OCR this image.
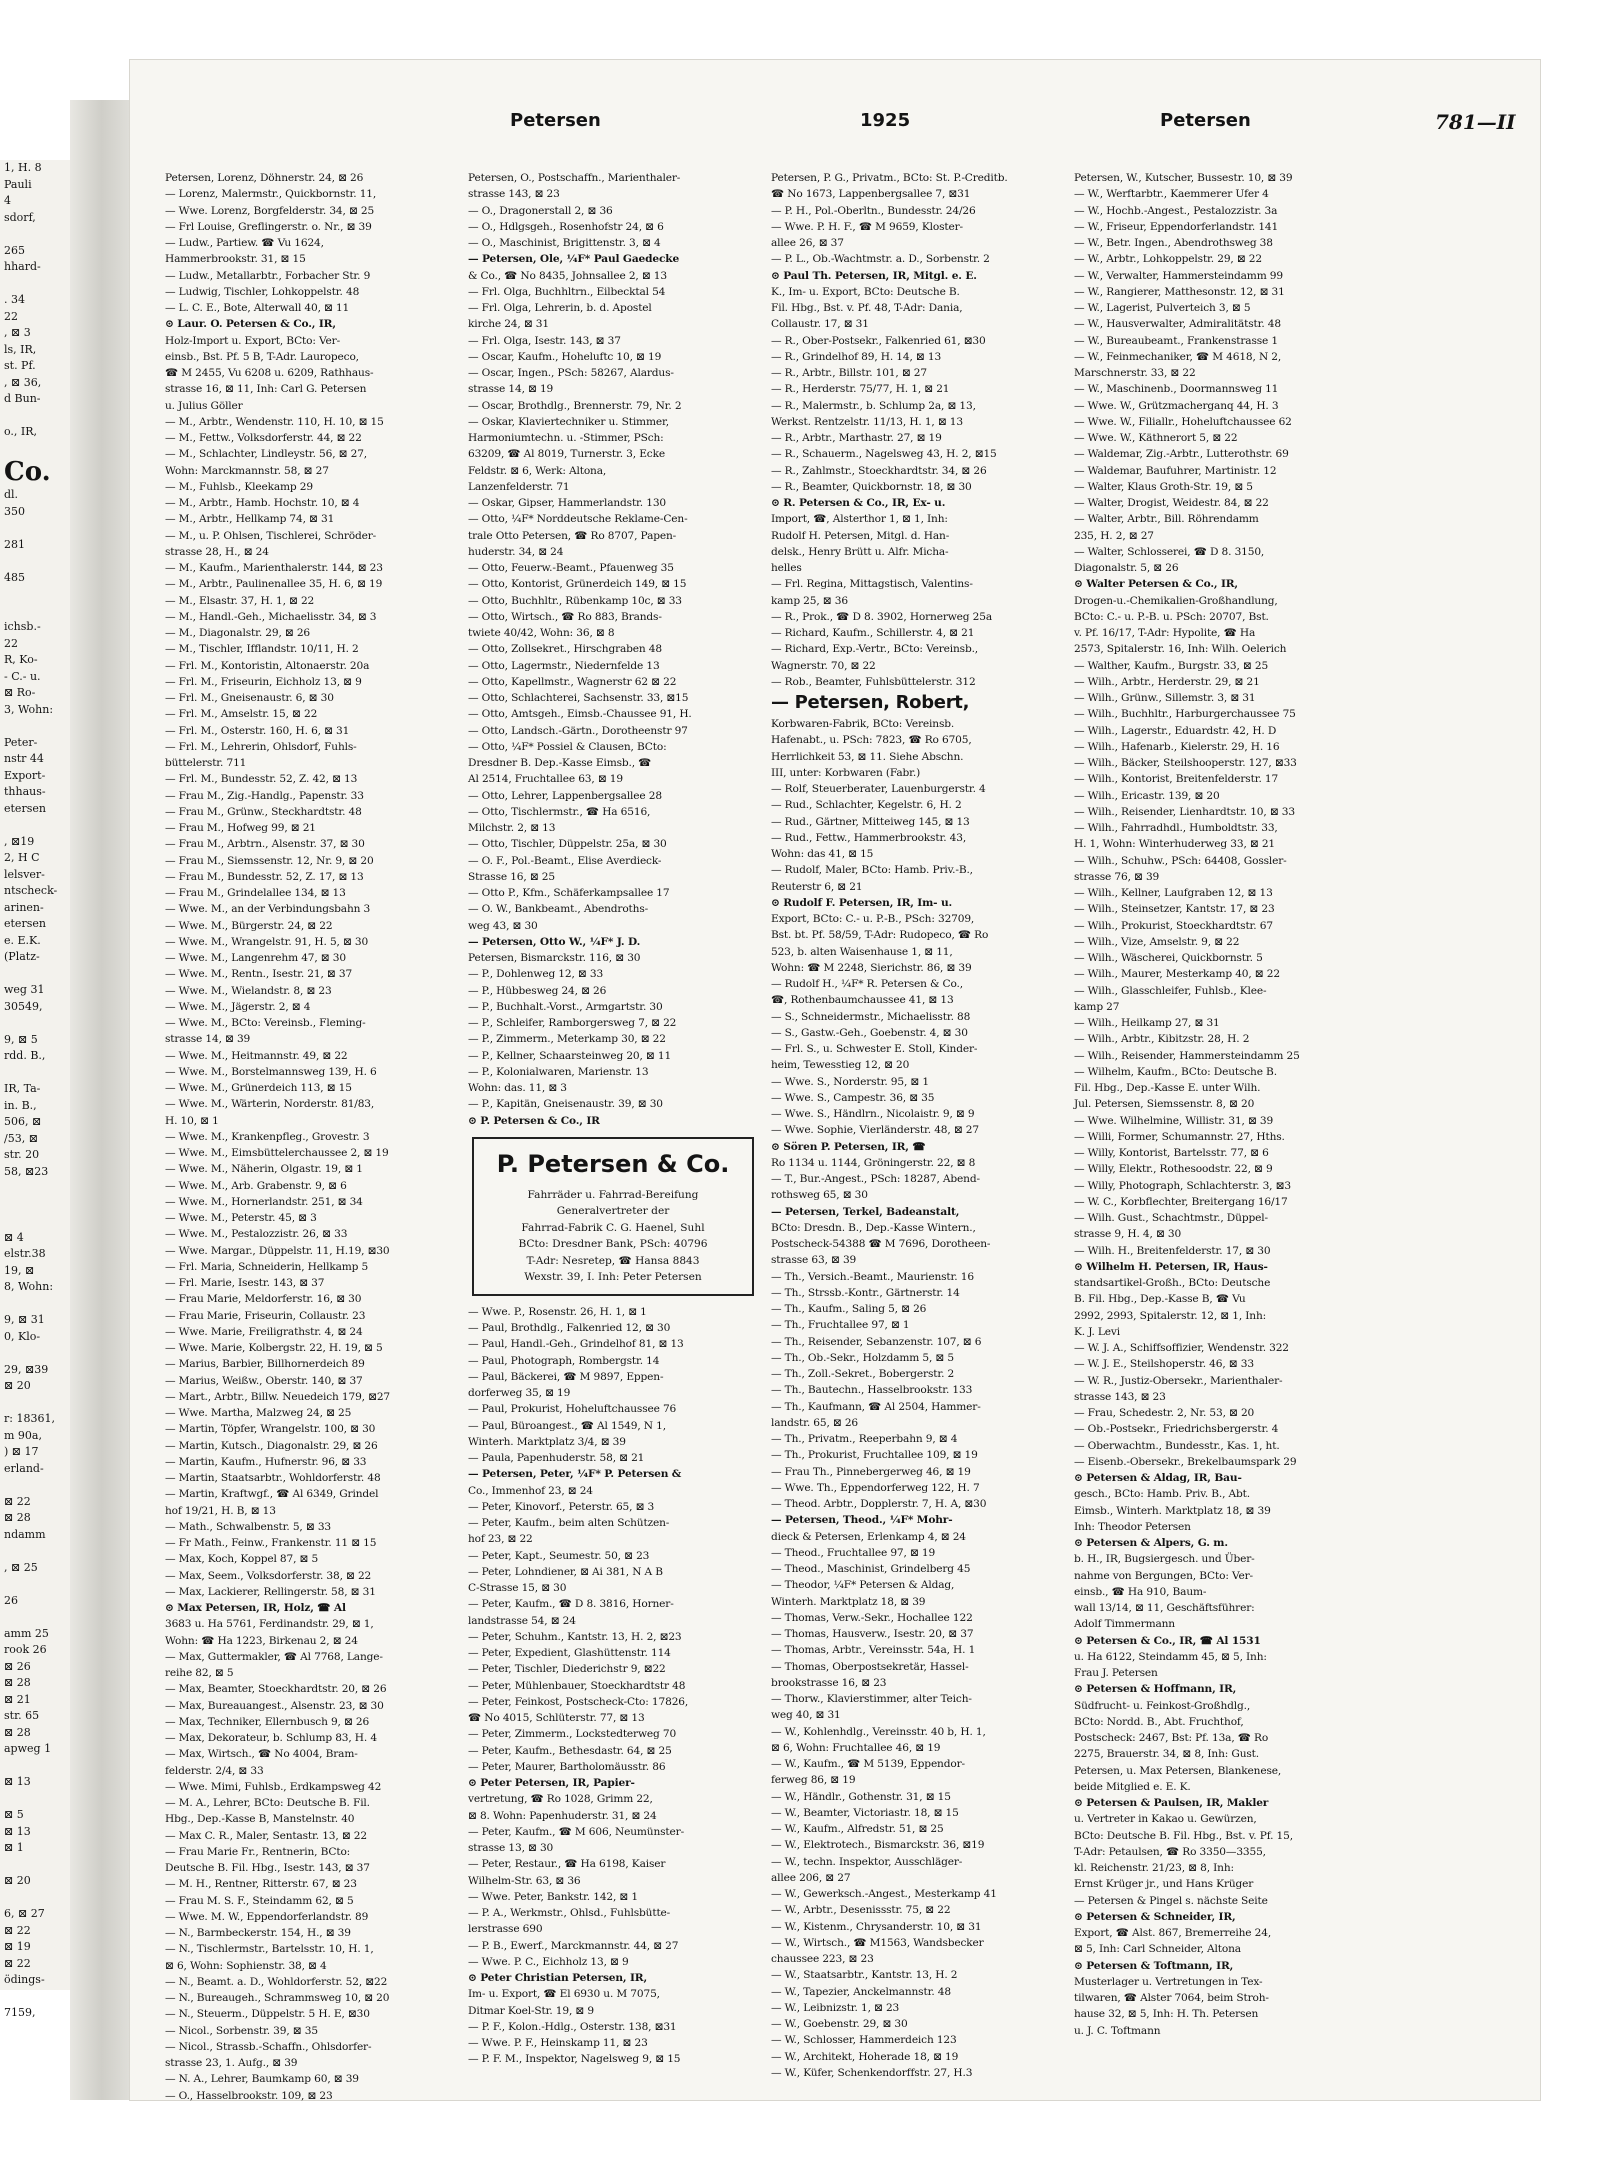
1, H. 8
Pauli
4
sdorf,
265
hhard-
. 34
22
, ⊠ 3
ls, IR,
st. Pf.
, ⊠ 36,
d Bun-
o., IR,
Co.
dl.
350
281
485
ichsb.-
22
R, Ko-
- C.- u.
⊠ Ro-
3, Wohn:
Peter-
nstr 44
Export-
thhaus-
etersen
, ⊠19
2, H C
lelsver-
ntscheck-
arinen-
etersen
e. E.K.
(Platz-
weg 31
30549,
9, ⊠ 5
rdd. B.,
IR, Ta-
in. B.,
506, ⊠
/53, ⊠
str. 20
58, ⊠23
⊠ 4
elstr.38
19, ⊠
8, Wohn:
9, ⊠ 31
0, Klo-
29, ⊠39
⊠ 20
r: 18361,
m 90a,
) ⊠ 17
erland-
⊠ 22
⊠ 28
ndamm
, ⊠ 25
26
amm 25
rook 26
⊠ 26
⊠ 28
⊠ 21
str. 65
⊠ 28
apweg 1
⊠ 13
⊠ 5
⊠ 13
⊠ 1
⊠ 20
6, ⊠ 27
⊠ 22
⊠ 19
⊠ 22
ödings-
7159,
Petersen	1925	Petersen	781—II
Petersen, Lorenz, Döhnerstr. 24, ⊠ 26
— Lorenz, Malermstr., Quickbornstr. 11,
— Wwe. Lorenz, Borgfelderstr. 34, ⊠ 25
— Frl Louise, Greflingerstr. o. Nr., ⊠ 39
— Ludw., Partiew. ☎ Vu 1624,
Hammerbrookstr. 31, ⊠ 15
— Ludw., Metallarbtr., Forbacher Str. 9
— Ludwig, Tischler, Lohkoppelstr. 48
— L. C. E., Bote, Alterwall 40, ⊠ 11
⊙ Laur. O. Petersen & Co., IR,
Holz-Import u. Export, BCto: Ver-
einsb., Bst. Pf. 5 B, T-Adr. Lauropeco,
☎ M 2455, Vu 6208 u. 6209, Rathhaus-
strasse 16, ⊠ 11, Inh: Carl G. Petersen
u. Julius Göller
— M., Arbtr., Wendenstr. 110, H. 10, ⊠ 15
— M., Fettw., Volksdorferstr. 44, ⊠ 22
— M., Schlachter, Lindleystr. 56, ⊠ 27,
Wohn: Marckmannstr. 58, ⊠ 27
— M., Fuhlsb., Kleekamp 29
— M., Arbtr., Hamb. Hochstr. 10, ⊠ 4
— M., Arbtr., Hellkamp 74, ⊠ 31
— M., u. P. Ohlsen, Tischlerei, Schröder-
strasse 28, H., ⊠ 24
— M., Kaufm., Marienthalerstr. 144, ⊠ 23
— M., Arbtr., Paulinenallee 35, H. 6, ⊠ 19
— M., Elsastr. 37, H. 1, ⊠ 22
— M., Handl.-Geh., Michaelisstr. 34, ⊠ 3
— M., Diagonalstr. 29, ⊠ 26
— M., Tischler, Ifflandstr. 10/11, H. 2
— Frl. M., Kontoristin, Altonaerstr. 20a
— Frl. M., Friseurin, Eichholz 13, ⊠ 9
— Frl. M., Gneisenaustr. 6, ⊠ 30
— Frl. M., Amselstr. 15, ⊠ 22
— Frl. M., Osterstr. 160, H. 6, ⊠ 31
— Frl. M., Lehrerin, Ohlsdorf, Fuhls-
büttelerstr. 711
— Frl. M., Bundesstr. 52, Z. 42, ⊠ 13
— Frau M., Zig.-Handlg., Papenstr. 33
— Frau M., Grünw., Steckhardtstr. 48
— Frau M., Hofweg 99, ⊠ 21
— Frau M., Arbtrn., Alsenstr. 37, ⊠ 30
— Frau M., Siemssenstr. 12, Nr. 9, ⊠ 20
— Frau M., Bundesstr. 52, Z. 17, ⊠ 13
— Frau M., Grindelallee 134, ⊠ 13
— Wwe. M., an der Verbindungsbahn 3
— Wwe. M., Bürgerstr. 24, ⊠ 22
— Wwe. M., Wrangelstr. 91, H. 5, ⊠ 30
— Wwe. M., Langenrehm 47, ⊠ 30
— Wwe. M., Rentn., Isestr. 21, ⊠ 37
— Wwe. M., Wielandstr. 8, ⊠ 23
— Wwe. M., Jägerstr. 2, ⊠ 4
— Wwe. M., BCto: Vereinsb., Fleming-
strasse 14, ⊠ 39
— Wwe. M., Heitmannstr. 49, ⊠ 22
— Wwe. M., Borstelmannsweg 139, H. 6
— Wwe. M., Grünerdeich 113, ⊠ 15
— Wwe. M., Wärterin, Norderstr. 81/83,
H. 10, ⊠ 1
— Wwe. M., Krankenpfleg., Grovestr. 3
— Wwe. M., Eimsbüttelerchaussee 2, ⊠ 19
— Wwe. M., Näherin, Olgastr. 19, ⊠ 1
— Wwe. M., Arb. Grabenstr. 9, ⊠ 6
— Wwe. M., Hornerlandstr. 251, ⊠ 34
— Wwe. M., Peterstr. 45, ⊠ 3
— Wwe. M., Pestalozzistr. 26, ⊠ 33
— Wwe. Margar., Düppelstr. 11, H.19, ⊠30
— Frl. Maria, Schneiderin, Hellkamp 5
— Frl. Marie, Isestr. 143, ⊠ 37
— Frau Marie, Meldorferstr. 16, ⊠ 30
— Frau Marie, Friseurin, Collaustr. 23
— Wwe. Marie, Freiligrathstr. 4, ⊠ 24
— Wwe. Marie, Kolbergstr. 22, H. 19, ⊠ 5
— Marius, Barbier, Billhornerdeich 89
— Marius, Weißw., Oberstr. 140, ⊠ 37
— Mart., Arbtr., Billw. Neuedeich 179, ⊠27
— Wwe. Martha, Malzweg 24, ⊠ 25
— Martin, Töpfer, Wrangelstr. 100, ⊠ 30
— Martin, Kutsch., Diagonalstr. 29, ⊠ 26
— Martin, Kaufm., Hufnerstr. 96, ⊠ 33
— Martin, Staatsarbtr., Wohldorferstr. 48
— Martin, Kraftwgf., ☎ Al 6349, Grindel
hof 19/21, H. B, ⊠ 13
— Math., Schwalbenstr. 5, ⊠ 33
— Fr Math., Feinw., Frankenstr. 11 ⊠ 15
— Max, Koch, Koppel 87, ⊠ 5
— Max, Seem., Volksdorferstr. 38, ⊠ 22
— Max, Lackierer, Rellingerstr. 58, ⊠ 31
⊙ Max Petersen, IR, Holz, ☎ Al
3683 u. Ha 5761, Ferdinandstr. 29, ⊠ 1,
Wohn: ☎ Ha 1223, Birkenau 2, ⊠ 24
— Max, Guttermakler, ☎ Al 7768, Lange-
reihe 82, ⊠ 5
— Max, Beamter, Stoeckhardtstr. 20, ⊠ 26
— Max, Bureauangest., Alsenstr. 23, ⊠ 30
— Max, Techniker, Ellernbusch 9, ⊠ 26
— Max, Dekorateur, b. Schlump 83, H. 4
— Max, Wirtsch., ☎ No 4004, Bram-
felderstr. 2/4, ⊠ 33
— Wwe. Mimi, Fuhlsb., Erdkampsweg 42
— M. A., Lehrer, BCto: Deutsche B. Fil.
Hbg., Dep.-Kasse B, Manstelnstr. 40
— Max C. R., Maler, Sentastr. 13, ⊠ 22
— Frau Marie Fr., Rentnerin, BCto:
Deutsche B. Fil. Hbg., Isestr. 143, ⊠ 37
— M. H., Rentner, Ritterstr. 67, ⊠ 23
— Frau M. S. F., Steindamm 62, ⊠ 5
— Wwe. M. W., Eppendorferlandstr. 89
— N., Barmbeckerstr. 154, H., ⊠ 39
— N., Tischlermstr., Bartelsstr. 10, H. 1,
⊠ 6, Wohn: Sophienstr. 38, ⊠ 4
— N., Beamt. a. D., Wohldorferstr. 52, ⊠22
— N., Bureaugeh., Schrammsweg 10, ⊠ 20
— N., Steuerm., Düppelstr. 5 H. E, ⊠30
— Nicol., Sorbenstr. 39, ⊠ 35
— Nicol., Strassb.-Schaffn., Ohlsdorfer-
strasse 23, 1. Aufg., ⊠ 39
— N. A., Lehrer, Baumkamp 60, ⊠ 39
— O., Hasselbrookstr. 109, ⊠ 23
Petersen, O., Postschaffn., Marienthaler-
strasse 143, ⊠ 23
— O., Dragonerstall 2, ⊠ 36
— O., Hdlgsgeh., Rosenhofstr 24, ⊠ 6
— O., Maschinist, Brigittenstr. 3, ⊠ 4
— Petersen, Ole, ¼F* Paul Gaedecke
& Co., ☎ No 8435, Johnsallee 2, ⊠ 13
— Frl. Olga, Buchhltrn., Eilbecktal 54
— Frl. Olga, Lehrerin, b. d. Apostel
kirche 24, ⊠ 31
— Frl. Olga, Isestr. 143, ⊠ 37
— Oscar, Kaufm., Hoheluftc 10, ⊠ 19
— Oscar, Ingen., PSch: 58267, Alardus-
strasse 14, ⊠ 19
— Oscar, Brothdlg., Brennerstr. 79, Nr. 2
— Oskar, Klaviertechniker u. Stimmer,
Harmoniumtechn. u. -Stimmer, PSch:
63209, ☎ Al 8019, Turnerstr. 3, Ecke
Feldstr. ⊠ 6, Werk: Altona,
Lanzenfelderstr. 71
— Oskar, Gipser, Hammerlandstr. 130
— Otto, ¼F* Norddeutsche Reklame-Cen-
trale Otto Petersen, ☎ Ro 8707, Papen-
huderstr. 34, ⊠ 24
— Otto, Feuerw.-Beamt., Pfauenweg 35
— Otto, Kontorist, Grünerdeich 149, ⊠ 15
— Otto, Buchhltr., Rübenkamp 10c, ⊠ 33
— Otto, Wirtsch., ☎ Ro 883, Brands-
twiete 40/42, Wohn: 36, ⊠ 8
— Otto, Zollsekret., Hirschgraben 48
— Otto, Lagermstr., Niedernfelde 13
— Otto, Kapellmstr., Wagnerstr 62 ⊠ 22
— Otto, Schlachterei, Sachsenstr. 33, ⊠15
— Otto, Amtsgeh., Eimsb.-Chaussee 91, H.
— Otto, Landsch.-Gärtn., Dorotheenstr 97
— Otto, ¼F* Possiel & Clausen, BCto:
Dresdner B. Dep.-Kasse Eimsb., ☎
Al 2514, Fruchtallee 63, ⊠ 19
— Otto, Lehrer, Lappenbergsallee 28
— Otto, Tischlermstr., ☎ Ha 6516,
Milchstr. 2, ⊠ 13
— Otto, Tischler, Düppelstr. 25a, ⊠ 30
— O. F., Pol.-Beamt., Elise Averdieck-
Strasse 16, ⊠ 25
— Otto P., Kfm., Schäferkampsallee 17
— O. W., Bankbeamt., Abendroths-
weg 43, ⊠ 30
— Petersen, Otto W., ¼F* J. D.
Petersen, Bismarckstr. 116, ⊠ 30
— P., Dohlenweg 12, ⊠ 33
— P., Hübbesweg 24, ⊠ 26
— P., Buchhalt.-Vorst., Armgartstr. 30
— P., Schleifer, Ramborgersweg 7, ⊠ 22
— P., Zimmerm., Meterkamp 30, ⊠ 22
— P., Kellner, Schaarsteinweg 20, ⊠ 11
— P., Kolonialwaren, Marienstr. 13
Wohn: das. 11, ⊠ 3
— P., Kapitän, Gneisenaustr. 39, ⊠ 30
⊙ P. Petersen & Co., IR
P. Petersen & Co.
Fahrräder u. Fahrrad-Bereifung
Generalvertreter der
Fahrrad-Fabrik C. G. Haenel, Suhl
BCto: Dresdner Bank, PSch: 40796
T-Adr: Nesretep, ☎ Hansa 8843
Wexstr. 39, I. Inh: Peter Petersen
— Wwe. P., Rosenstr. 26, H. 1, ⊠ 1
— Paul, Brothdlg., Falkenried 12, ⊠ 30
— Paul, Handl.-Geh., Grindelhof 81, ⊠ 13
— Paul, Photograph, Rombergstr. 14
— Paul, Bäckerei, ☎ M 9897, Eppen-
dorferweg 35, ⊠ 19
— Paul, Prokurist, Hoheluftchaussee 76
— Paul, Büroangest., ☎ Al 1549, N 1,
Winterh. Marktplatz 3/4, ⊠ 39
— Paula, Papenhuderstr. 58, ⊠ 21
— Petersen, Peter, ¼F* P. Petersen &
Co., Immenhof 23, ⊠ 24
— Peter, Kinovorf., Peterstr. 65, ⊠ 3
— Peter, Kaufm., beim alten Schützen-
hof 23, ⊠ 22
— Peter, Kapt., Seumestr. 50, ⊠ 23
— Peter, Lohndiener, ⊠ Ai 381, N A B
C-Strasse 15, ⊠ 30
— Peter, Kaufm., ☎ D 8. 3816, Horner-
landstrasse 54, ⊠ 24
— Peter, Schuhm., Kantstr. 13, H. 2, ⊠23
— Peter, Expedient, Glashüttenstr. 114
— Peter, Tischler, Diederichstr 9, ⊠22
— Peter, Mühlenbauer, Stoeckhardtstr 48
— Peter, Feinkost, Postscheck-Cto: 17826,
☎ No 4015, Schlüterstr. 77, ⊠ 13
— Peter, Zimmerm., Lockstedterweg 70
— Peter, Kaufm., Bethesdastr. 64, ⊠ 25
— Peter, Maurer, Bartholomäusstr. 86
⊙ Peter Petersen, IR, Papier-
vertretung, ☎ Ro 1028, Grimm 22,
⊠ 8. Wohn: Papenhuderstr. 31, ⊠ 24
— Peter, Kaufm., ☎ M 606, Neumünster-
strasse 13, ⊠ 30
— Peter, Restaur., ☎ Ha 6198, Kaiser
Wilhelm-Str. 63, ⊠ 36
— Wwe. Peter, Bankstr. 142, ⊠ 1
— P. A., Werkmstr., Ohlsd., Fuhlsbütte-
lerstrasse 690
— P. B., Ewerf., Marckmannstr. 44, ⊠ 27
— Wwe. P. C., Eichholz 13, ⊠ 9
⊙ Peter Christian Petersen, IR,
Im- u. Export, ☎ El 6930 u. M 7075,
Ditmar Koel-Str. 19, ⊠ 9
— P. F., Kolon.-Hdlg., Osterstr. 138, ⊠31
— Wwe. P. F., Heinskamp 11, ⊠ 23
— P. F. M., Inspektor, Nagelsweg 9, ⊠ 15
Petersen, P. G., Privatm., BCto: St. P.-Creditb.
☎ No 1673, Lappenbergsallee 7, ⊠31
— P. H., Pol.-Oberltn., Bundesstr. 24/26
— Wwe. P. H. F., ☎ M 9659, Kloster-
allee 26, ⊠ 37
— P. L., Ob.-Wachtmstr. a. D., Sorbenstr. 2
⊙ Paul Th. Petersen, IR, Mitgl. e. E.
K., Im- u. Export, BCto: Deutsche B.
Fil. Hbg., Bst. v. Pf. 48, T-Adr: Dania,
Collaustr. 17, ⊠ 31
— R., Ober-Postsekr., Falkenried 61, ⊠30
— R., Grindelhof 89, H. 14, ⊠ 13
— R., Arbtr., Billstr. 101, ⊠ 27
— R., Herderstr. 75/77, H. 1, ⊠ 21
— R., Malermstr., b. Schlump 2a, ⊠ 13,
Werkst. Rentzelstr. 11/13, H. 1, ⊠ 13
— R., Arbtr., Marthastr. 27, ⊠ 19
— R., Schauerm., Nagelsweg 43, H. 2, ⊠15
— R., Zahlmstr., Stoeckhardtstr. 34, ⊠ 26
— R., Beamter, Quickbornstr. 18, ⊠ 30
⊙ R. Petersen & Co., IR, Ex- u.
Import, ☎, Alsterthor 1, ⊠ 1, Inh:
Rudolf H. Petersen, Mitgl. d. Han-
delsk., Henry Brütt u. Alfr. Micha-
helles
— Frl. Regina, Mittagstisch, Valentins-
kamp 25, ⊠ 36
— R., Prok., ☎ D 8. 3902, Hornerweg 25a
— Richard, Kaufm., Schillerstr. 4, ⊠ 21
— Richard, Exp.-Vertr., BCto: Vereinsb.,
Wagnerstr. 70, ⊠ 22
— Rob., Beamter, Fuhlsbüttelerstr. 312
— Petersen, Robert,
Korbwaren-Fabrik, BCto: Vereinsb.
Hafenabt., u. PSch: 7823, ☎ Ro 6705,
Herrlichkeit 53, ⊠ 11. Siehe Abschn.
III, unter: Korbwaren (Fabr.)
— Rolf, Steuerberater, Lauenburgerstr. 4
— Rud., Schlachter, Kegelstr. 6, H. 2
— Rud., Gärtner, Mitteiweg 145, ⊠ 13
— Rud., Fettw., Hammerbrookstr. 43,
Wohn: das 41, ⊠ 15
— Rudolf, Maler, BCto: Hamb. Priv.-B.,
Reuterstr 6, ⊠ 21
⊙ Rudolf F. Petersen, IR, Im- u.
Export, BCto: C.- u. P.-B., PSch: 32709,
Bst. bt. Pf. 58/59, T-Adr: Rudopeco, ☎ Ro
523, b. alten Waisenhause 1, ⊠ 11,
Wohn: ☎ M 2248, Sierichstr. 86, ⊠ 39
— Rudolf H., ¼F* R. Petersen & Co.,
☎, Rothenbaumchaussee 41, ⊠ 13
— S., Schneidermstr., Michaelisstr. 88
— S., Gastw.-Geh., Goebenstr. 4, ⊠ 30
— Frl. S., u. Schwester E. Stoll, Kinder-
heim, Tewesstieg 12, ⊠ 20
— Wwe. S., Norderstr. 95, ⊠ 1
— Wwe. S., Campestr. 36, ⊠ 35
— Wwe. S., Händlrn., Nicolaistr. 9, ⊠ 9
— Wwe. Sophie, Vierländerstr. 48, ⊠ 27
⊙ Sören P. Petersen, IR, ☎
Ro 1134 u. 1144, Gröningerstr. 22, ⊠ 8
— T., Bur.-Angest., PSch: 18287, Abend-
rothsweg 65, ⊠ 30
— Petersen, Terkel, Badeanstalt,
BCto: Dresdn. B., Dep.-Kasse Wintern.,
Postscheck-54388 ☎ M 7696, Dorotheen-
strasse 63, ⊠ 39
— Th., Versich.-Beamt., Maurienstr. 16
— Th., Strssb.-Kontr., Gärtnerstr. 14
— Th., Kaufm., Saling 5, ⊠ 26
— Th., Fruchtallee 97, ⊠ 1
— Th., Reisender, Sebanzenstr. 107, ⊠ 6
— Th., Ob.-Sekr., Holzdamm 5, ⊠ 5
— Th., Zoll.-Sekret., Bobergerstr. 2
— Th., Bautechn., Hasselbrookstr. 133
— Th., Kaufmann, ☎ Al 2504, Hammer-
landstr. 65, ⊠ 26
— Th., Privatm., Reeperbahn 9, ⊠ 4
— Th., Prokurist, Fruchtallee 109, ⊠ 19
— Frau Th., Pinnebergerweg 46, ⊠ 19
— Wwe. Th., Eppendorferweg 122, H. 7
— Theod. Arbtr., Dopplerstr. 7, H. A, ⊠30
— Petersen, Theod., ¼F* Mohr-
dieck & Petersen, Erlenkamp 4, ⊠ 24
— Theod., Fruchtallee 97, ⊠ 19
— Theod., Maschinist, Grindelberg 45
— Theodor, ¼F* Petersen & Aldag,
Winterh. Marktplatz 18, ⊠ 39
— Thomas, Verw.-Sekr., Hochallee 122
— Thomas, Hausverw., Isestr. 20, ⊠ 37
— Thomas, Arbtr., Vereinsstr. 54a, H. 1
— Thomas, Oberpostsekretär, Hassel-
brookstrasse 16, ⊠ 23
— Thorw., Klavierstimmer, alter Teich-
weg 40, ⊠ 31
— W., Kohlenhdlg., Vereinsstr. 40 b, H. 1,
⊠ 6, Wohn: Fruchtallee 46, ⊠ 19
— W., Kaufm., ☎ M 5139, Eppendor-
ferweg 86, ⊠ 19
— W., Händlr., Gothenstr. 31, ⊠ 15
— W., Beamter, Victoriastr. 18, ⊠ 15
— W., Kaufm., Alfredstr. 51, ⊠ 25
— W., Elektrotech., Bismarckstr. 36, ⊠19
— W., techn. Inspektor, Ausschläger-
allee 206, ⊠ 27
— W., Gewerksch.-Angest., Mesterkamp 41
— W., Arbtr., Desenissstr. 75, ⊠ 22
— W., Kistenm., Chrysanderstr. 10, ⊠ 31
— W., Wirtsch., ☎ M1563, Wandsbecker
chaussee 223, ⊠ 23
— W., Staatsarbtr., Kantstr. 13, H. 2
— W., Tapezier, Anckelmannstr. 48
— W., Leibnizstr. 1, ⊠ 23
— W., Goebenstr. 29, ⊠ 30
— W., Schlosser, Hammerdeich 123
— W., Architekt, Hoherade 18, ⊠ 19
— W., Küfer, Schenkendorffstr. 27, H.3
Petersen, W., Kutscher, Bussestr. 10, ⊠ 39
— W., Werftarbtr., Kaemmerer Ufer 4
— W., Hochb.-Angest., Pestalozzistr. 3a
— W., Friseur, Eppendorferlandstr. 141
— W., Betr. Ingen., Abendrothsweg 38
— W., Arbtr., Lohkoppelstr. 29, ⊠ 22
— W., Verwalter, Hammersteindamm 99
— W., Rangierer, Matthesonstr. 12, ⊠ 31
— W., Lagerist, Pulverteich 3, ⊠ 5
— W., Hausverwalter, Admiralitätstr. 48
— W., Bureaubeamt., Frankenstrasse 1
— W., Feinmechaniker, ☎ M 4618, N 2,
Marschnerstr. 33, ⊠ 22
— W., Maschinenb., Doormannsweg 11
— Wwe. W., Grützmacherganq 44, H. 3
— Wwe. W., Filiallr., Hoheluftchaussee 62
— Wwe. W., Käthnerort 5, ⊠ 22
— Waldemar, Zig.-Arbtr., Lutterothstr. 69
— Waldemar, Baufuhrer, Martinistr. 12
— Walter, Klaus Groth-Str. 19, ⊠ 5
— Walter, Drogist, Weidestr. 84, ⊠ 22
— Walter, Arbtr., Bill. Röhrendamm
235, H. 2, ⊠ 27
— Walter, Schlosserei, ☎ D 8. 3150,
Diagonalstr. 5, ⊠ 26
⊙ Walter Petersen & Co., IR,
Drogen-u.-Chemikalien-Großhandlung,
BCto: C.- u. P.-B. u. PSch: 20707, Bst.
v. Pf. 16/17, T-Adr: Hypolite, ☎ Ha
2573, Spitalerstr. 16, Inh: Wilh. Oelerich
— Walther, Kaufm., Burgstr. 33, ⊠ 25
— Wilh., Arbtr., Herderstr. 29, ⊠ 21
— Wilh., Grünw., Sillemstr. 3, ⊠ 31
— Wilh., Buchhltr., Harburgerchaussee 75
— Wilh., Lagerstr., Eduardstr. 42, H. D
— Wilh., Hafenarb., Kielerstr. 29, H. 16
— Wilh., Bäcker, Steilshooperstr. 127, ⊠33
— Wilh., Kontorist, Breitenfelderstr. 17
— Wilh., Ericastr. 139, ⊠ 20
— Wilh., Reisender, Lienhardtstr. 10, ⊠ 33
— Wilh., Fahrradhdl., Humboldtstr. 33,
H. 1, Wohn: Winterhuderweg 33, ⊠ 21
— Wilh., Schuhw., PSch: 64408, Gossler-
strasse 76, ⊠ 39
— Wilh., Kellner, Laufgraben 12, ⊠ 13
— Wilh., Steinsetzer, Kantstr. 17, ⊠ 23
— Wilh., Prokurist, Stoeckhardtstr. 67
— Wilh., Vize, Amselstr. 9, ⊠ 22
— Wilh., Wäscherei, Quickbornstr. 5
— Wilh., Maurer, Mesterkamp 40, ⊠ 22
— Wilh., Glasschleifer, Fuhlsb., Klee-
kamp 27
— Wilh., Heilkamp 27, ⊠ 31
— Wilh., Arbtr., Kibitzstr. 28, H. 2
— Wilh., Reisender, Hammersteindamm 25
— Wilhelm, Kaufm., BCto: Deutsche B.
Fil. Hbg., Dep.-Kasse E. unter Wilh.
Jul. Petersen, Siemssenstr. 8, ⊠ 20
— Wwe. Wilhelmine, Willistr. 31, ⊠ 39
— Willi, Former, Schumannstr. 27, Hths.
— Willy, Kontorist, Bartelsstr. 77, ⊠ 6
— Willy, Elektr., Rothesoodstr. 22, ⊠ 9
— Willy, Photograph, Schlachterstr. 3, ⊠3
— W. C., Korbflechter, Breitergang 16/17
— Wilh. Gust., Schachtmstr., Düppel-
strasse 9, H. 4, ⊠ 30
— Wilh. H., Breitenfelderstr. 17, ⊠ 30
⊙ Wilhelm H. Petersen, IR, Haus-
standsartikel-Großh., BCto: Deutsche
B. Fil. Hbg., Dep.-Kasse B, ☎ Vu
2992, 2993, Spitalerstr. 12, ⊠ 1, Inh:
K. J. Levi
— W. J. A., Schiffsoffizier, Wendenstr. 322
— W. J. E., Steilshoperstr. 46, ⊠ 33
— W. R., Justiz-Obersekr., Marienthaler-
strasse 143, ⊠ 23
— Frau, Schedestr. 2, Nr. 53, ⊠ 20
— Ob.-Postsekr., Friedrichsbergerstr. 4
— Oberwachtm., Bundesstr., Kas. 1, ht.
— Eisenb.-Obersekr., Brekelbaumspark 29
⊙ Petersen & Aldag, IR, Bau-
gesch., BCto: Hamb. Priv. B., Abt.
Eimsb., Winterh. Marktplatz 18, ⊠ 39
Inh: Theodor Petersen
⊙ Petersen & Alpers, G. m.
b. H., IR, Bugsiergesch. und Über-
nahme von Bergungen, BCto: Ver-
einsb., ☎ Ha 910, Baum-
wall 13/14, ⊠ 11, Geschäftsführer:
Adolf Timmermann
⊙ Petersen & Co., IR, ☎ Al 1531
u. Ha 6122, Steindamm 45, ⊠ 5, Inh:
Frau J. Petersen
⊙ Petersen & Hoffmann, IR,
Südfrucht- u. Feinkost-Großhdlg.,
BCto: Nordd. B., Abt. Fruchthof,
Postscheck: 2467, Bst: Pf. 13a, ☎ Ro
2275, Brauerstr. 34, ⊠ 8, Inh: Gust.
Petersen, u. Max Petersen, Blankenese,
beide Mitglied e. E. K.
⊙ Petersen & Paulsen, IR, Makler
u. Vertreter in Kakao u. Gewürzen,
BCto: Deutsche B. Fil. Hbg., Bst. v. Pf. 15,
T-Adr: Petaulsen, ☎ Ro 3350—3355,
kl. Reichenstr. 21/23, ⊠ 8, Inh:
Ernst Krüger jr., und Hans Krüger
— Petersen & Pingel s. nächste Seite
⊙ Petersen & Schneider, IR,
Export, ☎ Alst. 867, Bremerreihe 24,
⊠ 5, Inh: Carl Schneider, Altona
⊙ Petersen & Toftmann, IR,
Musterlager u. Vertretungen in Tex-
tilwaren, ☎ Alster 7064, beim Stroh-
hause 32, ⊠ 5, Inh: H. Th. Petersen
u. J. C. Toftmann
